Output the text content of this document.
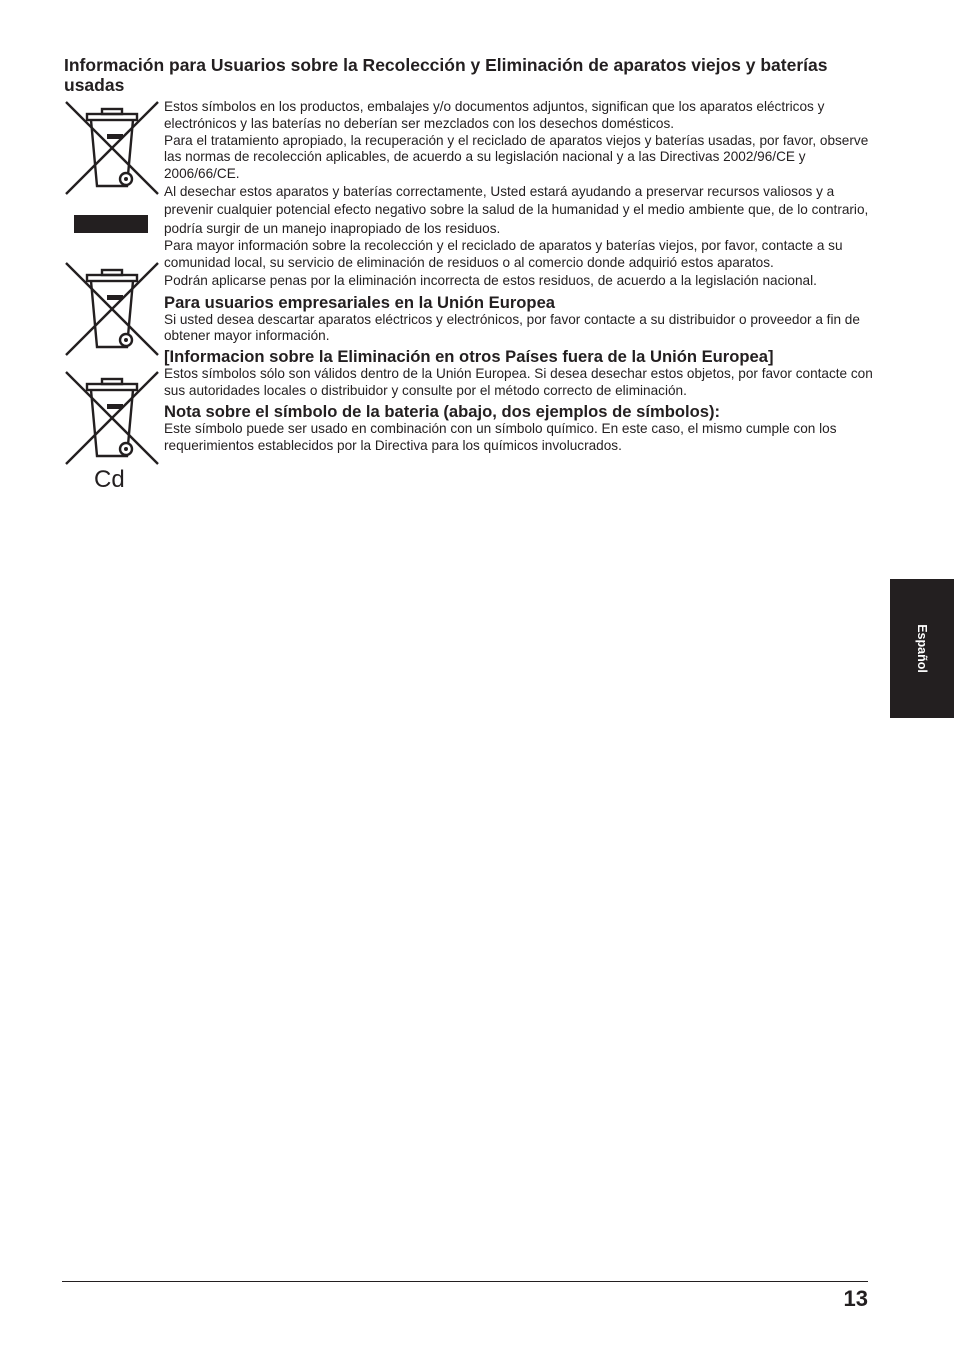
Información para Usuarios sobre la Recolección y Eliminación de aparatos viejos y baterías usadas
Cd

Estos símbolos en los productos, embalajes y/o documentos adjuntos, significan que los aparatos eléctricos y electrónicos y las baterías no deberían ser mezclados con los desechos domésticos.

Para el tratamiento apropiado, la recuperación y el reciclado de aparatos viejos y baterías usadas, por favor, observe las normas de recolección aplicables, de acuerdo a su legislación nacional y a las Directivas 2002/96/CE y 2006/66/CE.

Al desechar estos aparatos y baterías correctamente, Usted estará ayudando a preservar recursos valiosos y a prevenir cualquier potencial efecto negativo sobre la salud de la humanidad y el medio ambiente que, de lo contrario, podría surgir de un manejo inapropiado de los residuos.

Para mayor información sobre la recolección y el reciclado de aparatos y baterías viejos, por favor, contacte a su comunidad local, su servicio de eliminación de residuos o al comercio donde adquirió estos aparatos.

Podrán aplicarse penas por la eliminación incorrecta de estos residuos, de acuerdo a la legislación nacional.

Para usuarios empresariales en la Unión Europea

Si usted desea descartar aparatos eléctricos y electrónicos, por favor contacte a su distribuidor o proveedor a fin de obtener mayor información.

[Informacion sobre la Eliminación en otros Países fuera de la Unión Europea]

Estos símbolos sólo son válidos dentro de la Unión Europea. Si desea desechar estos objetos, por favor contacte con sus autoridades locales o distribuidor y consulte por el método correcto de eliminación.

Nota sobre el símbolo de la bateria (abajo, dos ejemplos de símbolos):

Este símbolo puede ser usado en combinación con un símbolo químico. En este caso, el mismo cumple con los requerimientos establecidos por la Directiva para los químicos involucrados.

Español
13
